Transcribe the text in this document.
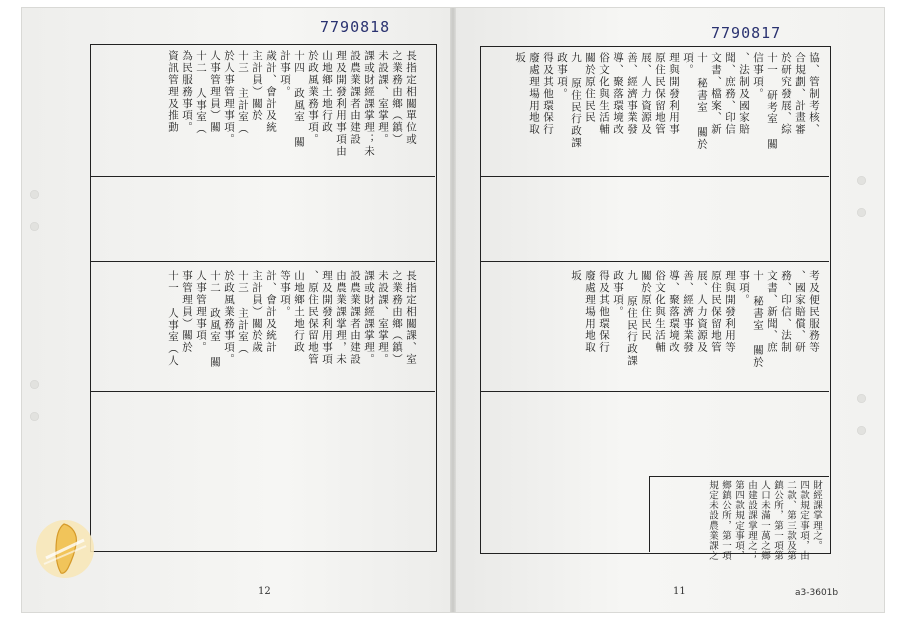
7790818
長指定相關單位或
之業務由鄉（鎮）
未設課、室掌理。
課或財經課掌理；未
設農業課者由建設
理及開發利用事項由
山地鄉土地行政
於政風業務事項。
十四 政風室 關
計事項。
歲計、會計及統
主計員）關於
十三 主計室（
於人事管理事項。
人事管理員）關
十二 人事室（
為民服務事項。
資訊管理及推動
長指定相關課、室
之業務由鄉（鎮）
未設課、室掌理。
課或財經課掌理。
設農業課者由建設
由農業課掌理，未
理及開發利用事項
、原住民保留地管
山地鄉土地行政
等事項。
計、會計及統計
主計員）關於歲
十三 主計室（
於政風業務事項。
十二 政風室 關
人事管理事項。
事管理員）關於
十一 人事室（人
12
7790817
協、管制考核、
合規劃、計畫審
於研究發展、綜
十一 研考室 關
信事項。
、法制及國家賠
聞、庶務、印信
文書、檔案、新
十 秘書室 關於
項。
理與開發利用事
原住民保留地管
展、人力資源及
善、經濟事業發
導、聚落環境改
俗文化與生活輔
關於原住民民
九 原住民行政課
政事項。
得及其他環保行
廢處理場用地取
坂
考及便民服務等
、國家賠償、研
務、印信、法制
文書、新聞、庶
十 秘書室 關於
事項。
理與開發利用等
原住民保留地管
展、人力資源及
善、經濟事業發
導、聚落環境改
俗文化與生活輔
關於原住民民
九 原住民行政課
政事項。
得及其他環保行
廢處理場用地取
坂
財經課掌理之。
四款規定事項，由
二款、第三款及第
鎮公所，第一項第
人口未滿一萬之鄉
由建設課掌理之；
第四款規定事項，
鄉鎮公所，第一項
規定未設農業課之
11	a3-3601b
